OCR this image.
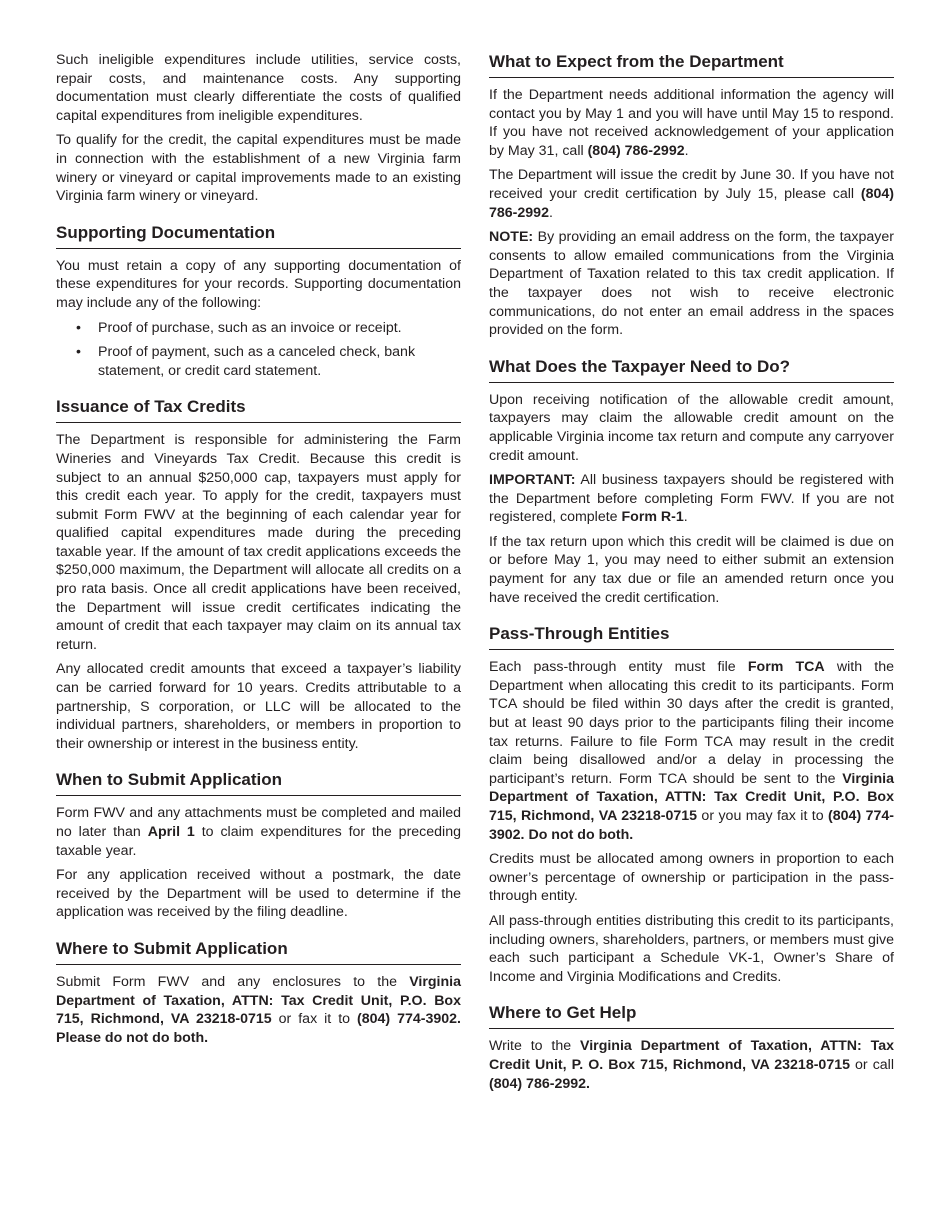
Such ineligible expenditures include utilities, service costs, repair costs, and maintenance costs. Any supporting documentation must clearly differentiate the costs of qualified capital expenditures from ineligible expenditures.

To qualify for the credit, the capital expenditures must be made in connection with the establishment of a new Virginia farm winery or vineyard or capital improvements made to an existing Virginia farm winery or vineyard.

Supporting Documentation

You must retain a copy of any supporting documentation of these expenditures for your records. Supporting documentation may include any of the following:

• Proof of purchase, such as an invoice or receipt.
• Proof of payment, such as a canceled check, bank statement, or credit card statement.
Issuance of Tax Credits

The Department is responsible for administering the Farm Wineries and Vineyards Tax Credit. Because this credit is subject to an annual $250,000 cap, taxpayers must apply for this credit each year. To apply for the credit, taxpayers must submit Form FWV at the beginning of each calendar year for qualified capital expenditures made during the preceding taxable year. If the amount of tax credit applications exceeds the $250,000 maximum, the Department will allocate all credits on a pro rata basis. Once all credit applications have been received, the Department will issue credit certificates indicating the amount of credit that each taxpayer may claim on its annual tax return.

Any allocated credit amounts that exceed a taxpayer’s liability can be carried forward for 10 years. Credits attributable to a partnership, S corporation, or LLC will be allocated to the individual partners, shareholders, or members in proportion to their ownership or interest in the business entity.

When to Submit Application

Form FWV and any attachments must be completed and mailed no later than April 1 to claim expenditures for the preceding taxable year.

For any application received without a postmark, the date received by the Department will be used to determine if the application was received by the filing deadline.

Where to Submit Application

Submit Form FWV and any enclosures to the Virginia Department of Taxation, ATTN: Tax Credit Unit, P.O. Box 715, Richmond, VA 23218-0715 or fax it to (804) 774-3902. Please do not do both.

What to Expect from the Department

If the Department needs additional information the agency will contact you by May 1 and you will have until May 15 to respond. If you have not received acknowledgement of your application by May 31, call (804) 786-2992.

The Department will issue the credit by June 30. If you have not received your credit certification by July 15, please call (804) 786-2992.

NOTE: By providing an email address on the form, the taxpayer consents to allow emailed communications from the Virginia Department of Taxation related to this tax credit application. If the taxpayer does not wish to receive electronic communications, do not enter an email address in the spaces provided on the form.

What Does the Taxpayer Need to Do?

Upon receiving notification of the allowable credit amount, taxpayers may claim the allowable credit amount on the applicable Virginia income tax return and compute any carryover credit amount.

IMPORTANT: All business taxpayers should be registered with the Department before completing Form FWV. If you are not registered, complete Form R-1.

If the tax return upon which this credit will be claimed is due on or before May 1, you may need to either submit an extension payment for any tax due or file an amended return once you have received the credit certification.

Pass-Through Entities

Each pass-through entity must file Form TCA with the Department when allocating this credit to its participants. Form TCA should be filed within 30 days after the credit is granted, but at least 90 days prior to the participants filing their income tax returns. Failure to file Form TCA may result in the credit claim being disallowed and/or a delay in processing the participant’s return. Form TCA should be sent to the Virginia Department of Taxation, ATTN: Tax Credit Unit, P.O. Box 715, Richmond, VA 23218-0715 or you may fax it to (804) 774-3902. Do not do both.

Credits must be allocated among owners in proportion to each owner’s percentage of ownership or participation in the pass-through entity.

All pass-through entities distributing this credit to its participants, including owners, shareholders, partners, or members must give each such participant a Schedule VK-1, Owner’s Share of Income and Virginia Modifications and Credits.

Where to Get Help

Write to the Virginia Department of Taxation, ATTN: Tax Credit Unit, P. O. Box 715, Richmond, VA 23218-0715 or call (804) 786-2992.
